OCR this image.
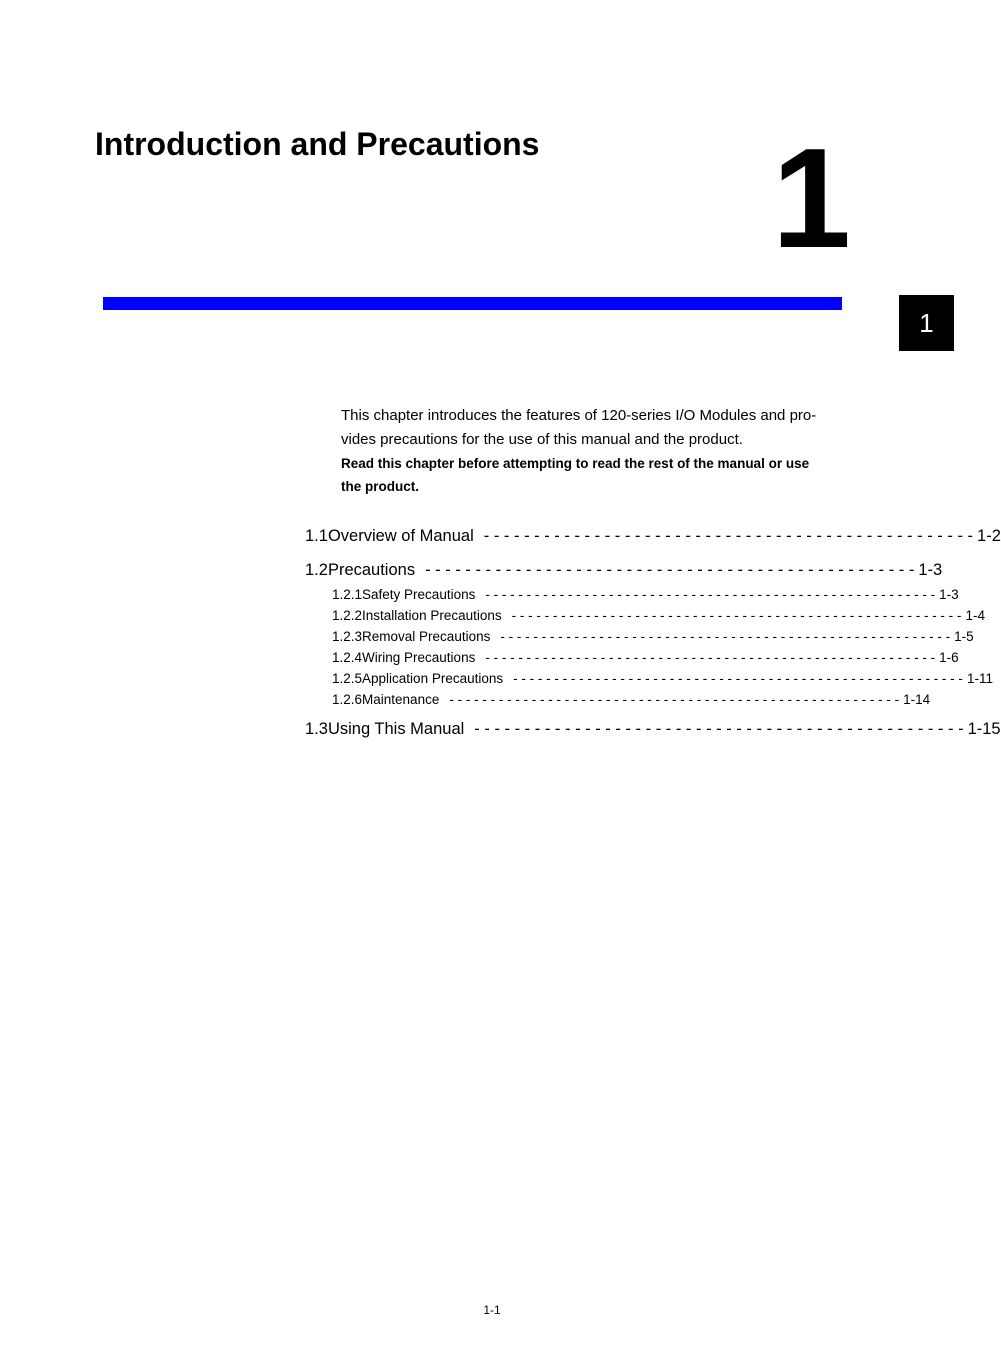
Introduction and Precautions 1
1
This chapter introduces the features of 120-series I/O Modules and pro-
vides precautions for the use of this manual and the product.
Read this chapter before attempting to read the rest of the manual or use
the product.
1.1 Overview of Manual - - - - - - - - - - - - - - - - - - - - - - - - - - - - - - - - - - - - - - - - - - - - - - - - - 1-2
1.2 Precautions - - - - - - - - - - - - - - - - - - - - - - - - - - - - - - - - - - - - - - - - - - - - - - - - - 1-3
1.2.1 Safety Precautions - - - - - - - - - - - - - - - - - - - - - - - - - - - - - - - - - - - - - - - - - - - - - - - - - - - - - - - 1-3
1.2.2 Installation Precautions - - - - - - - - - - - - - - - - - - - - - - - - - - - - - - - - - - - - - - - - - - - - - - - - - - - - - - - 1-4
1.2.3 Removal Precautions - - - - - - - - - - - - - - - - - - - - - - - - - - - - - - - - - - - - - - - - - - - - - - - - - - - - - - - 1-5
1.2.4 Wiring Precautions - - - - - - - - - - - - - - - - - - - - - - - - - - - - - - - - - - - - - - - - - - - - - - - - - - - - - - - 1-6
1.2.5 Application Precautions - - - - - - - - - - - - - - - - - - - - - - - - - - - - - - - - - - - - - - - - - - - - - - - - - - - - - - - 1-11
1.2.6 Maintenance - - - - - - - - - - - - - - - - - - - - - - - - - - - - - - - - - - - - - - - - - - - - - - - - - - - - - - - 1-14
1.3 Using This Manual - - - - - - - - - - - - - - - - - - - - - - - - - - - - - - - - - - - - - - - - - - - - - - - - - 1-15
1-1
